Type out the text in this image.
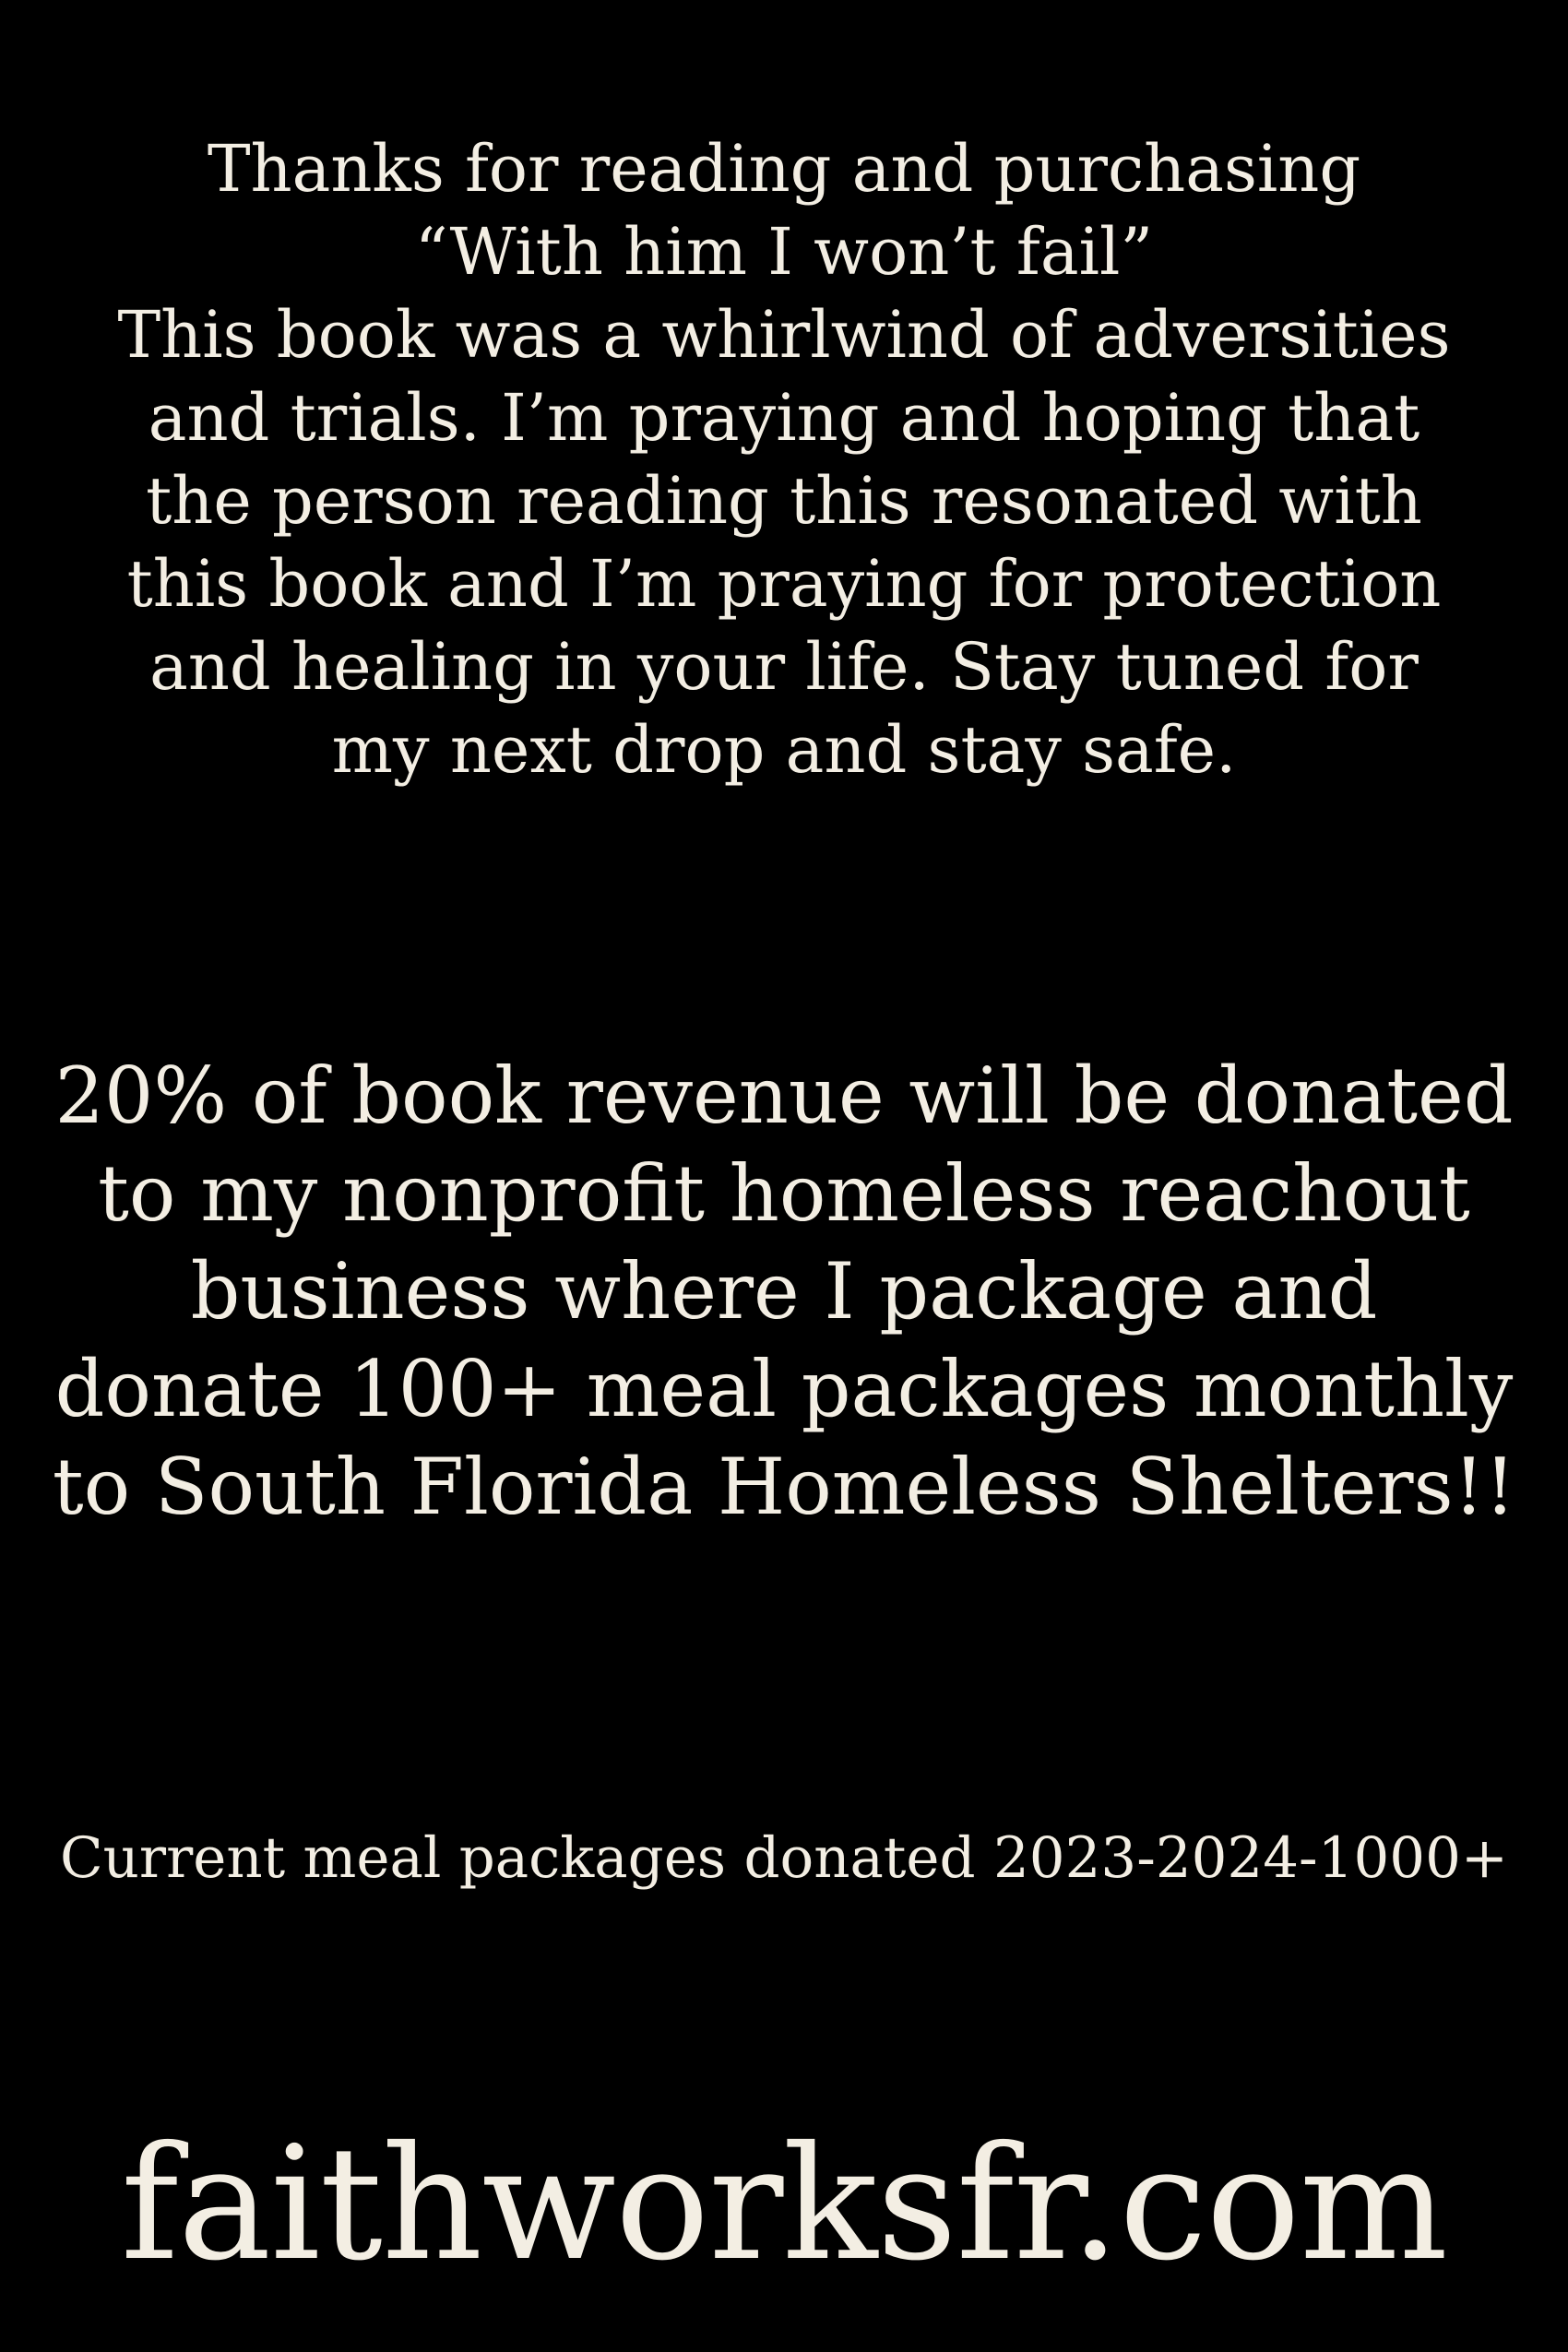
Thanks for reading and purchasing
“With him I won’t fail”
This book was a whirlwind of adversities
and trials. I’m praying and hoping that
the person reading this resonated with
this book and I’m praying for protection
and healing in your life. Stay tuned for
my next drop and stay safe.
20% of book revenue will be donated
to my nonprofit homeless reachout
business where I package and
donate 100+ meal packages monthly
to South Florida Homeless Shelters!!
Current meal packages donated 2023-2024-1000+
faithworksfr.com
